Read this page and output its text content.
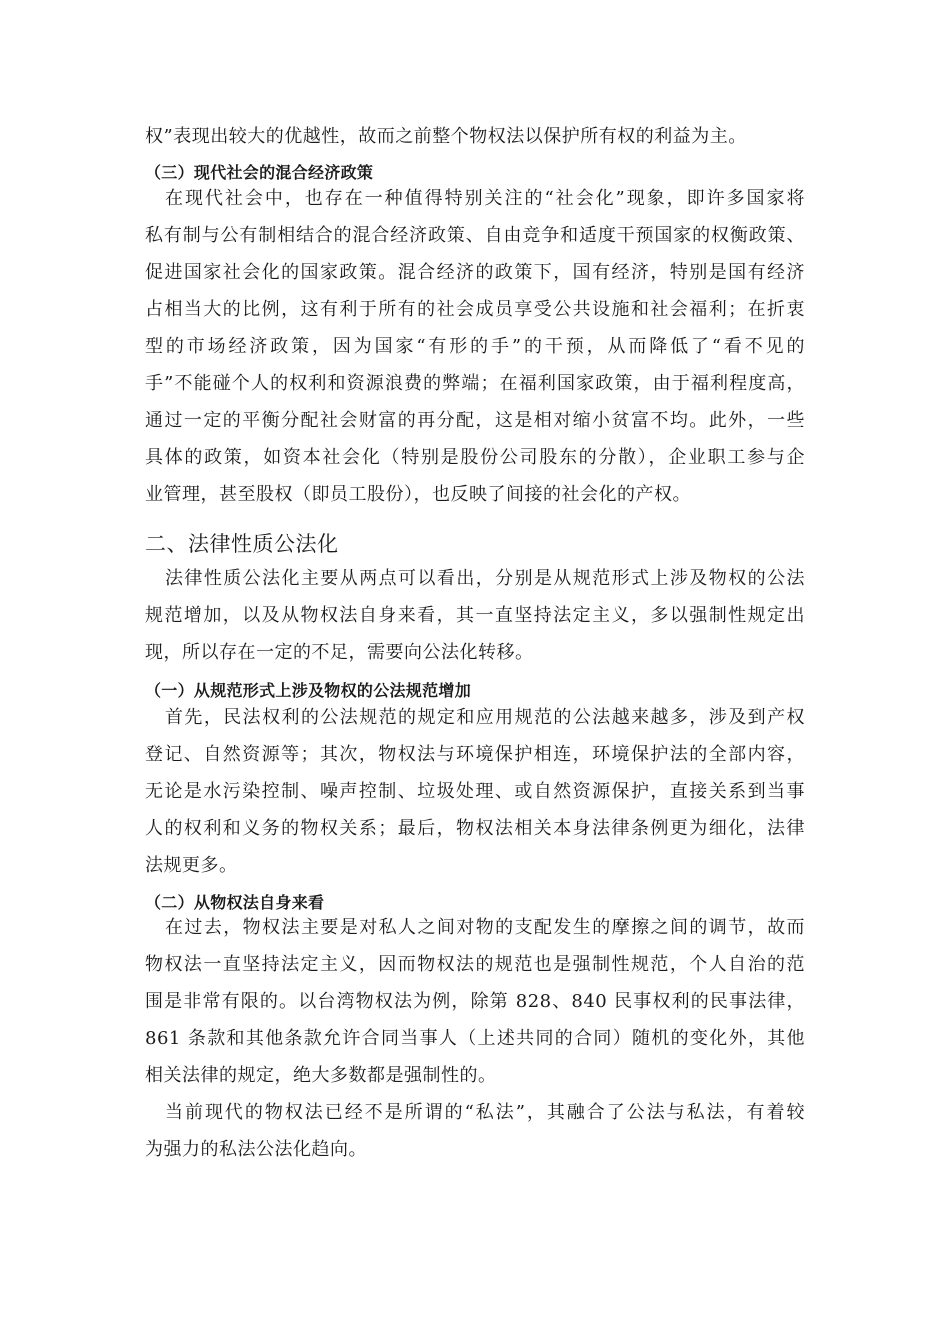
权”表现出较大的优越性，故而之前整个物权法以保护所有权的利益为主。
（三）现代社会的混合经济政策
在现代社会中，也存在一种值得特别关注的“社会化”现象，即许多国家将
私有制与公有制相结合的混合经济政策、自由竞争和适度干预国家的权衡政策、
促进国家社会化的国家政策。混合经济的政策下，国有经济，特别是国有经济
占相当大的比例，这有利于所有的社会成员享受公共设施和社会福利；在折衷
型的市场经济政策，因为国家“有形的手”的干预，从而降低了“看不见的
手”不能碰个人的权利和资源浪费的弊端；在福利国家政策，由于福利程度高，
通过一定的平衡分配社会财富的再分配，这是相对缩小贫富不均。此外，一些
具体的政策，如资本社会化（特别是股份公司股东的分散），企业职工参与企
业管理，甚至股权（即员工股份），也反映了间接的社会化的产权。
二、法律性质公法化
法律性质公法化主要从两点可以看出，分别是从规范形式上涉及物权的公法
规范增加，以及从物权法自身来看，其一直坚持法定主义，多以强制性规定出
现，所以存在一定的不足，需要向公法化转移。
（一）从规范形式上涉及物权的公法规范增加
首先，民法权利的公法规范的规定和应用规范的公法越来越多，涉及到产权
登记、自然资源等；其次，物权法与环境保护相连，环境保护法的全部内容，
无论是水污染控制、噪声控制、垃圾处理、或自然资源保护，直接关系到当事
人的权利和义务的物权关系；最后，物权法相关本身法律条例更为细化，法律
法规更多。
（二）从物权法自身来看
在过去，物权法主要是对私人之间对物的支配发生的摩擦之间的调节，故而
物权法一直坚持法定主义，因而物权法的规范也是强制性规范，个人自治的范
围是非常有限的。以台湾物权法为例，除第 828、840 民事权利的民事法律，
861 条款和其他条款允许合同当事人（上述共同的合同）随机的变化外，其他
相关法律的规定，绝大多数都是强制性的。
当前现代的物权法已经不是所谓的“私法”，其融合了公法与私法，有着较
为强力的私法公法化趋向。
